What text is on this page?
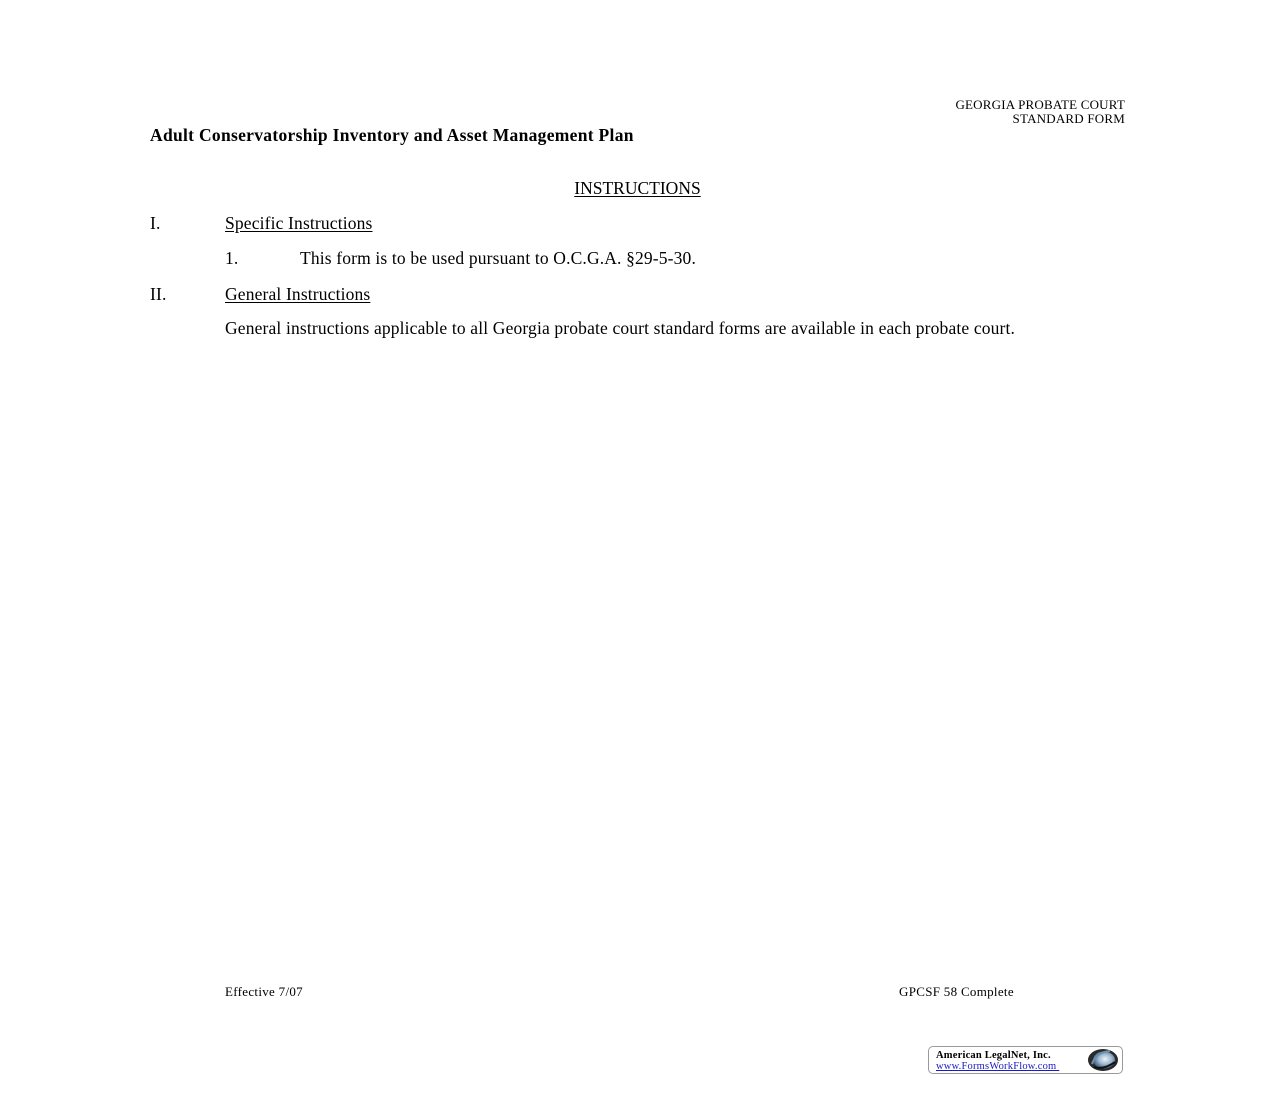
GEORGIA PROBATE COURT
STANDARD FORM
Adult Conservatorship Inventory and Asset Management Plan
INSTRUCTIONS
I.	Specific Instructions
1.	This form is to be used pursuant to O.C.G.A. §29-5-30.
II.	General Instructions
General instructions applicable to all Georgia probate court standard forms are available in each probate court.
Effective 7/07	GPCSF 58 Complete
American LegalNet, Inc.
www.FormsWorkFlow.com
